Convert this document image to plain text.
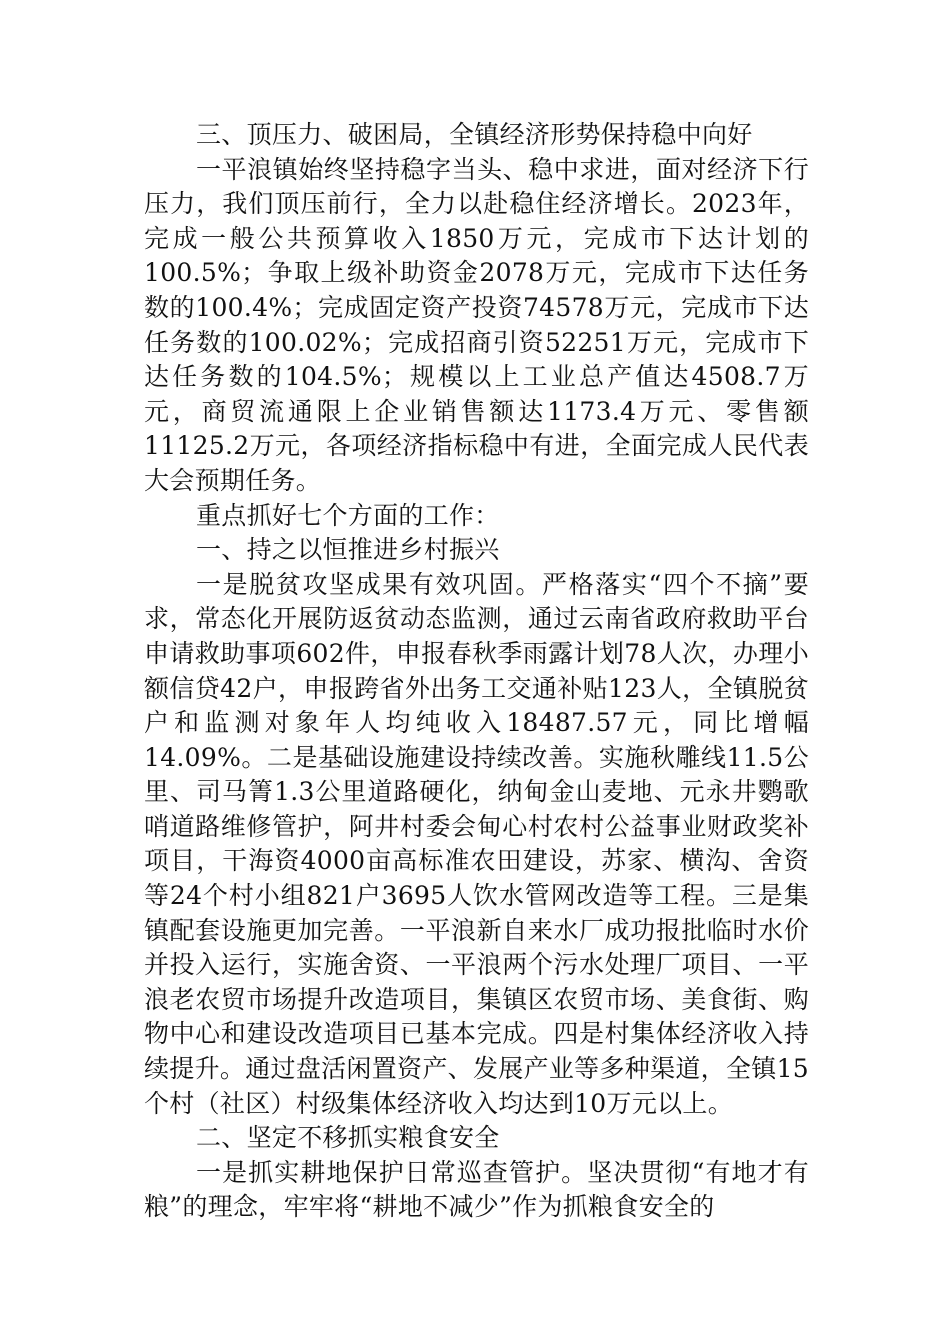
三、顶压力、破困局，全镇经济形势保持稳中向好

一平浪镇始终坚持稳字当头、稳中求进，面对经济下行压力，我们顶压前行，全力以赴稳住经济增长。2023年，完成一般公共预算收入1850万元，完成市下达计划的100.5%；争取上级补助资金2078万元，完成市下达任务数的100.4%；完成固定资产投资74578万元，完成市下达任务数的100.02%；完成招商引资52251万元，完成市下达任务数的104.5%；规模以上工业总产值达4508.7万元，商贸流通限上企业销售额达1173.4万元、零售额11125.2万元，各项经济指标稳中有进，全面完成人民代表大会预期任务。

重点抓好七个方面的工作：

一、持之以恒推进乡村振兴

一是脱贫攻坚成果有效巩固。严格落实“四个不摘”要求，常态化开展防返贫动态监测，通过云南省政府救助平台申请救助事项602件，申报春秋季雨露计划78人次，办理小额信贷42户，申报跨省外出务工交通补贴123人，全镇脱贫户和监测对象年人均纯收入18487.57元，同比增幅14.09%。二是基础设施建设持续改善。实施秋雕线11.5公里、司马箐1.3公里道路硬化，纳甸金山麦地、元永井鹦歌哨道路维修管护，阿井村委会甸心村农村公益事业财政奖补项目，干海资4000亩高标准农田建设，苏家、横沟、舍资等24个村小组821户3695人饮水管网改造等工程。三是集镇配套设施更加完善。一平浪新自来水厂成功报批临时水价并投入运行，实施舍资、一平浪两个污水处理厂项目、一平浪老农贸市场提升改造项目，集镇区农贸市场、美食街、购物中心和建设改造项目已基本完成。四是村集体经济收入持续提升。通过盘活闲置资产、发展产业等多种渠道，全镇15个村（社区）村级集体经济收入均达到10万元以上。

二、坚定不移抓实粮食安全

一是抓实耕地保护日常巡查管护。坚决贯彻“有地才有粮”的理念，牢牢将“耕地不减少”作为抓粮食安全的
